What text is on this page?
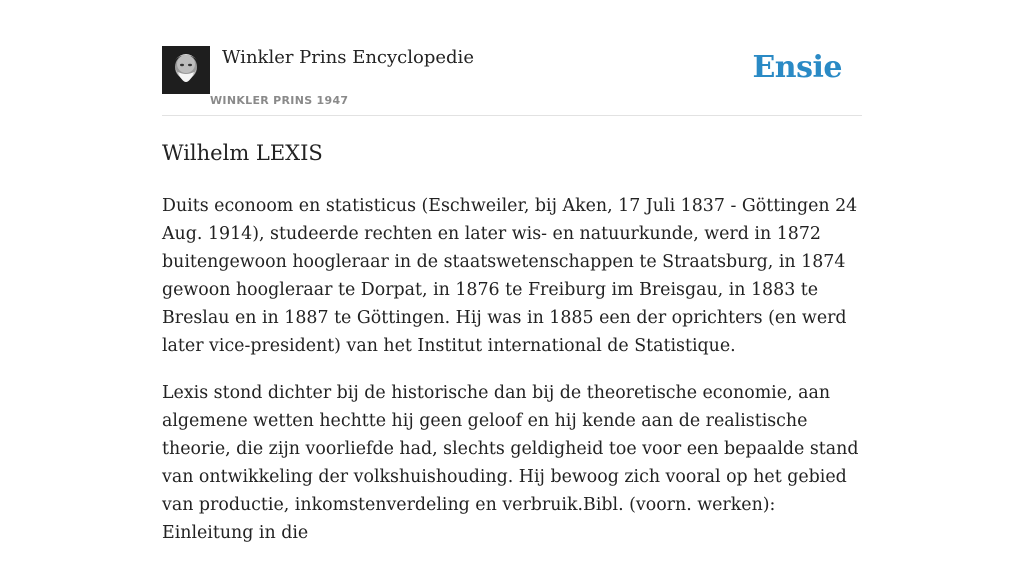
Winkler Prins Encyclopedie
WINKLER PRINS 1947
Ensie
Wilhelm LEXIS

Duits econoom en statisticus (Eschweiler, bij Aken, 17 Juli 1837 - Göttingen 24 Aug. 1914), studeerde rechten en later wis- en natuurkunde, werd in 1872 buitengewoon hoogleraar in de staatswetenschappen te Straatsburg, in 1874 gewoon hoogleraar te Dorpat, in 1876 te Freiburg im Breisgau, in 1883 te Breslau en in 1887 te Göttingen. Hij was in 1885 een der oprichters (en werd later vice-president) van het Institut international de Statistique.

Lexis stond dichter bij de historische dan bij de theoretische economie, aan algemene wetten hechtte hij geen geloof en hij kende aan de realistische theorie, die zijn voorliefde had, slechts geldigheid toe voor een bepaalde stand van ontwikkeling der volkshuishouding. Hij bewoog zich vooral op het gebied van productie, inkomstenverdeling en verbruik.Bibl. (voorn. werken): Einleitung in die
